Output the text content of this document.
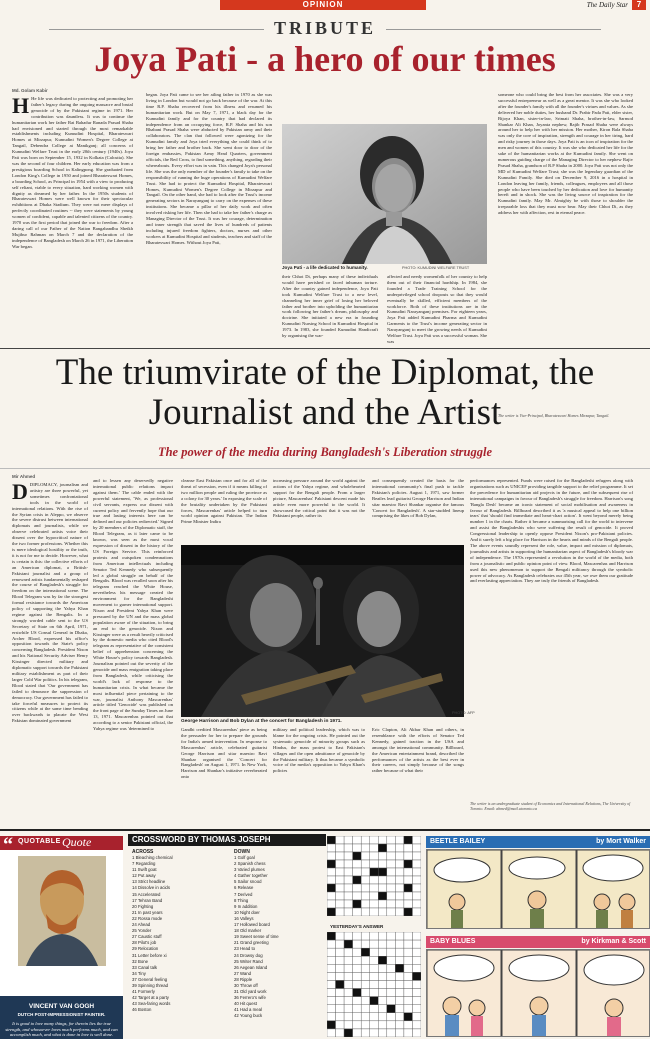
OPINION	The Daily Star	7
TRIBUTE
Joya Pati - a hero of our times
Md. Golam Kabir
H He life was dedicated to protecting and promoting her father's legacy during the ongoing massacre and brutal genocide of by the Pakistani regime in 1971. Her contribution was dauntless. It was to continue the humanitarian work her father Rai Bahadur Ranada Prasad Shaha had envisioned and started through the most remarkable establishments including Kumudini Hospital, Bharateswari Homes at Mirzapur, Kumudini Women's Degree College at Tangail, Debendra College at Manikganj; all concerns of Kumudini Welfare Trust in the early 20th century (1940s). Joya Pati was born on September 15, 1932 in Kolkata (Calcutta). She was the second of four children. Her early education was from a prestigious boarding School in Kalingpong. She graduated from London King's College in 1950 and joined Bharateswari Homes, a boarding School, as Principal in 1954 with a view to producing self reliant, viable to every situation, hard working women with dignity as dreamed by her father. In the 1950s students of Bharateswari Homes were well known for their spectacular exhibitions at Dhaka Stadium. They were not mere displays of perfectly coordinated routines -- they were statements by young women of confident, capable and talented citizens of the country. 1970 was the first period that joined the war to freedom. After a daring call of our Father of the Nation Bangabandhu Sheikh Mujibur Rahman on March 7 and the declaration of the independence of Bangladesh on March 26 in 1971, the Liberation War began.
began. Joya Pati came to see her ailing father in 1970 as she was living in London but would not go back because of the war. At this time R.P. Shaha recovered from his illness and resumed his humanitarian work. But on May 7, 1971, a black day for the Kumudini family and for the country that had declared its independence from an occupying force, R.P. Shaha and his son Bhabani Prasad Shaha were abducted by Pakistan army and their collaborators. The clan that followed were agonizing for the Kumudini family and Joya tried everything she could think of to bring her father and brother back. She went door to door of the foreign embassies, Pakistan Army Head Quarters, government officials, the Red Cross, to find something, anything, regarding their whereabouts. Every effort was in vain. This changed Joya's personal life. She was the only member of the founder's family to take on the responsibility of running the huge operations of Kumudini Welfare Trust. She had to protect the Kumudini Hospital, Bharateswari Homes, Kumudini Women's Degree College in Mirzapur and Tangail. On the other hand, she had to look after the Trust's income generating sectors in Narayanganj to carry on the expenses of these institutions. She became a pillar of her daily work and often involved risking her life. Then she had to take her father's charge as Managing Director of the Trust. It was her courage, determination and inner strength that saved the lives of hundreds of patients including injured freedom fighters, doctors, nurses and other workers at Kumudini Hospital and students, teachers and staff of the Bharateswari Homes. Without Joya Pati,
Joya Pati - a life dedicated to humanity.	PHOTO: KUMUDINI WELFARE TRUST
their Chhot Di, perhaps many of these individuals would have perished or faced inhuman torture. After the country gained independence, Joya Pati took Kumudini Welfare Trust to a new level, channeling her inner grief of losing her beloved father and brother into upholding the humanitarian work following her father's dream, philosophy and doctrine. She initiated a new era in founding Kumudini Nursing School in Kumudini Hospital in 1973. In 1983, she founded Kumudini Handicraft by organising the war-
affected and needy womenfolk of her country to help them out of their financial hardship. In 1984, she founded a Trade Training School for the underprivileged school dropouts so that they would eventually be skilled, efficient members of the workforce. Both of these institutions are in the Kumudini Narayanganj premises. For eighteen years, Joya Pati added Kumudini Pharma and Kumudini Garments to the Trust's income generating sector in Narayanganj to meet the growing needs of Kumudini Welfare Trust. Joya Pati was a successful woman. She was
someone who could bring the best from her associates. She was a very successful entrepreneur as well as a great mentor. It was she who looked after the founder's family with all the founder's virtues and values. As she delivered her noble duties, her husband Dr. Prabir Pada Pati, elder sister, Bijoya Khan, sister-in-law, Srimati Shaha, brother-in-law, Sarmod Shankar Ali Khan, Joyanta nephew, Rajib Prasad Shaha were always around her to help her with her mission. Her mother, Kiron Bala Shaha was only the core of inspiration, strength and courage in her tiring, hard and risky journey in those days. Joya Pati is an icon of inspiration for the men and women of this country. It was she who dedicated her life for the sake of the humanitarian works at the Kumudini family. She went on numerous guiding charge of the Managing Director to her nephew Rajiv Prasad Shaha, grandson of R.P Shaha in 2000. Joya Pati was not only the MD of Kumudini Welfare Trust; she was the legendary guardian of the Kumudini Family. She died on December 9, 2016 in a hospital in London leaving her family, friends, colleagues, employees and all those people who have been touched by her dedication and love for humanity bereft and in shock. She was the living source of inspiration for the Kumudini family. May Mr. Almighty be with those to shoulder the irreparable loss that they must now bear. May their Chhot Di, as they address her with affection, rest in eternal peace.
The writer is Vice-Principal, Bharateswari Homes Mirzapur, Tangail.
The triumvirate of the Diplomat, the Journalist and the Artist
The power of the media during Bangladesh's Liberation struggle
Mir Ahmed
DDIPLOMACY, journalism and artistry are three powerful, yet sometimes confrontational tools in the world of international relations. With the rise of the Syrian crisis in Aleppo, we observe the severe distrust between international diplomats and journalists, while we observe celebrated artists voice their dissent over the hypocritical nature of the two former professions. Whether this is mere ideological hostility or the truth, it is not for me to decide. However, what is certain is this: the collective efforts of an American diplomat, a British-Pakistani journalist and a group of renowned artists fundamentally reshaped the course of Bangladesh's struggle for freedom on the international scene. The Blood Telegram was by far the strongest formal resistance towards the American policy of supporting the Yahya Khan regime against the Bengalis. In a strongly worded cable sent to the US Secretary of State on 6th April, 1971, erstwhile US Consul General in Dhaka, Archer Blood, expressed his office's opposition towards the State's policy concerning Bangladesh. President Nixon and his National Security Adviser Henry Kissinger directed military and diplomatic support towards the Pakistani military establishment as part of their larger Cold War politics. In his telegram, Blood stated that 'Our government has failed to denounce the suppression of democracy. Our government has failed to take forceful measures to protect its citizens while at the same time bending over backwards to placate the West Pakistan dominated government
and to lessen any deservedly negative international public relations impact against them.' The cable ended with the powerful statement, 'We, as professional civil servants, express our dissent with current policy and fervently hope that our true and lasting interests here can be defined and our policies redirected.' Signed by 20 members of the Diplomatic staff, the Blood Telegram, as it later came to be known, was seen as the most vocal expression of dissent in the history of the US Foreign Service. This reinforced protests and outspoken condemnations from American intellectuals including Senator Ted Kennedy who subsequently led a global struggle on behalf of the Bengalis. Blood was recalled soon after his telegram reached the White House, nevertheless his message created the environment for the Bangladeshi movement to garner international support. Nixon and President Yahya Khan were pressured by the UN and the mass global population aware of the situation, to bring an end to the genocide. Nixon and Kissinger were as a result heavily criticised by the domestic media who cited Blood's telegram as representative of the consistent belief of apprehension concerning the White House's policy towards Bangladesh. Journalism pointed out the severity of the genocide and mass emigration taking place from Bangladesh, while criticising the world's lack of response to the humanitarian crisis. In what became the most influential piece pertaining to the war, journalist Anthony Mascarenhas' article titled 'Genocide' was published on the front page of the Sunday Times on June 13, 1971. Mascarenhas pointed out that according to a senior Pakistani official, the Yahya regime was 'determined to
cleanse East Pakistan once and for all of the threat of secession, even if it means killing of two million people and ruling the province as a colony for 30 years.' In exposing the scale of the brutality undertaken by the Pakistani forces, Mascarenhas' article helped to turn world opinion against Pakistan. The Indian Prime Minister Indira
increasing pressure around the world against the actions of the Yahya regime, and wholehearted support for the Bengali people. From a larger picture, Mascarenhas' Pakistani descent made his article even more powerful to the world. It showcased the critical point that it was not the Pakistani people, rather its
and consequently created the basis for the international community's final push to tackle Pakistan's policies. August 1, 1971, saw former Beatles lead guitarist George Harrison and Indian sitar maestro Ravi Shankar organise the famous 'Concert for Bangladesh'. A star-studded lineup comprising the likes of Bob Dylan,
PHOTO: AFP
George Harrison and Bob Dylan at the concert for Bangladesh in 1971.
Gandhi credited Mascarenhas' piece as being the persuader for her to prepare the grounds for India's armed intervention. In response to Mascarenhas' article, celebrated guitarist George Harrison and sitar maestro Ravi Shankar organised the 'Concert for Bangladesh' on August 1, 1971. In New York, Harrison and Shankar's initiative reverberated onto
military and political leadership, which was to blame for the ongoing crisis. He pointed out the systematic genocide of minority groups such as Hindus, the mass protest to East Pakistan's villages and the open admittance of genocide by the Pakistani military. It thus became a symbolic voice of the media's opposition to Yahya Khan's policies
Eric Clapton, Ali Akbar Khan and others, in resemblance with the efforts of Senator Ted Kennedy, gained traction in the USA and amongst the international community. Billboard, the American entertainment brand, described the performances of the artists as the best ever in their careers, not simply because of the songs rather because of what their
performances represented. Funds were raised for the Bangladeshi refugees along with organisations such as UNICEF providing tangible support to the relief programme. It set the precedence for humanitarian aid projects in the future, and the subsequent rise of international campaigns in favour of Bangladesh's struggle for freedom. Harrison's song 'Bangla Desh' became an iconic statement of social mobilisation and awareness in favour of Bangladesh. Billboard described it as 'a musical appeal to help one billion tears' that 'should find immediate and heart-chart action'. It went beyond merely being number 1 in the charts. Rather it became a summarising call for the world to intervene and assist the Bangladeshis who were suffering the result of genocide. It proved Congressional leadership to openly oppose President Nixon's pro-Pakistani policies. And it surely left a big place for Harrison in the hearts and minds of the Bengali people. The above events soundly represent the role, value, impact and mission of diplomats, journalists and artists in supporting the humanitarian aspect of Bangladesh's bloody war of independence. The 1970s represented a revolution in the world of the media, both from a journalistic and public opinion point of view. Blood, Mascarenhas and Harrison used this new phenomenon to support the Bengali militancy through the symbolic power of advocacy. As Bangladesh celebrates our 45th year, we owe them our gratitude and everlasting appreciation. They are truly the friends of Bangladesh.
The writer is an undergraduate student of Economics and International Relations, The University of Toronto. Email: ahmed@mail.utoronto.ca
“ QUOTABLE Quote
VINCENT VAN GOGH
DUTCH POST-IMPRESSIONIST PAINTER.
It is good to love many things, for therein lies the true strength, and whosoever loves much performs much, and can accomplish much, and what is done in love is well done.
CROSSWORD BY THOMAS JOSEPH
ACROSS	DOWN
1 Bleaching chemical
7 Regarding
11 Swift goat
12 Put away
13 Strict headline
14 Dissolve in acids
15 Accelerated
17 Tehran Band
20 Fighting
21 In past years
22 Rossa mode
24 Ahead
25 Yonder
27 Caustic stuff
28 Pilot's job
29 Relocation
31 Letter before xi
32 Bone
33 Canal talk
34 Tiny
37 General feeling
39 Spinning thread
41 Formerly
42 Target at a party
43 Sea-faring words
46 Boston
1 Golf goal
2 Spanish chess
3 Varied plumes
4 Gather together
5 Sailor snood
6 Release
7 Derived
8 Thing
9 In addition
10 Night doer
16 Valleys
17 Hollowed board
18 Old marker
19 Sweet sense of time
21 Grand greeting
23 Head to
24 Drowsy dog
25 Writer Rand
26 Aegean Island
27 Wand
28 Ripple
30 Throw off
31 Old yard work
36 Ferrero's wife
40 Hit quest
41 Had a meal
42 Young buck
YESTERDAY'S ANSWER
BEETLE BAILEY	by Mort Walker
BABY BLUES	by Kirkman & Scott
